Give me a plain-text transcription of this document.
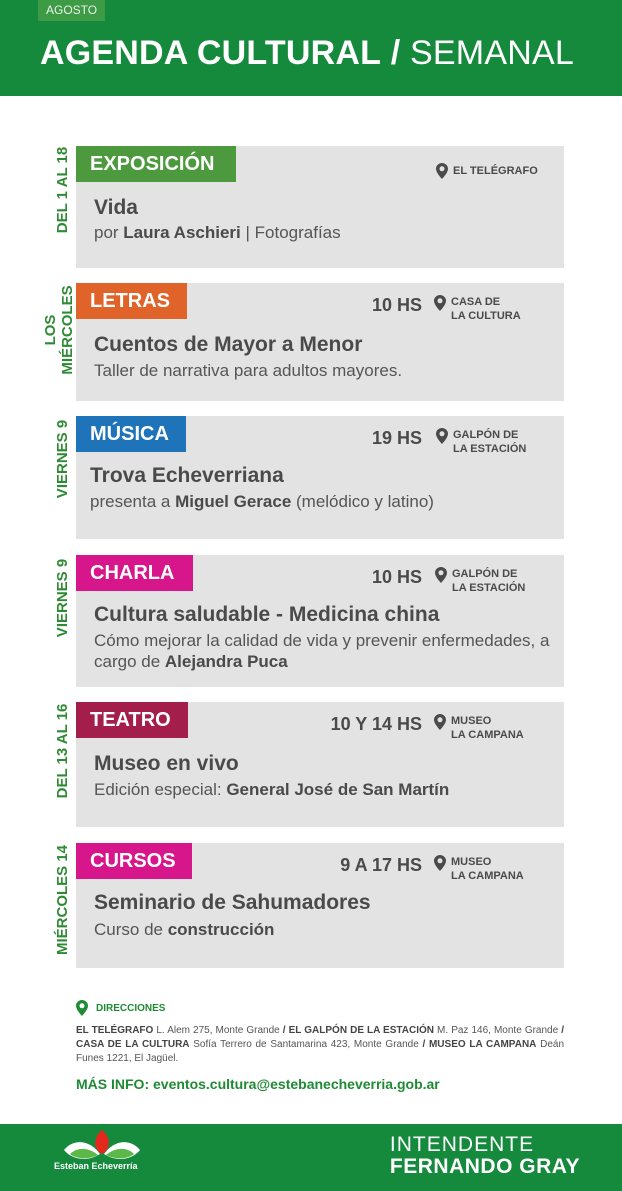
AGOSTO
AGENDA CULTURAL / SEMANAL
DEL 1 AL 18 EXPOSICIÓN	EL TELÉGRAFO
Vida
por Laura Aschieri | Fotografías
LOS MIÉRCOLES LETRAS	10 HS	CASA DE
LA CULTURA
Cuentos de Mayor a Menor
Taller de narrativa para adultos mayores.
VIERNES 9 MÚSICA	19 HS	GALPÓN DE
LA ESTACIÓN
Trova Echeverriana
presenta a Miguel Gerace (melódico y latino)
VIERNES 9 CHARLA	10 HS	GALPÓN DE
LA ESTACIÓN
Cultura saludable - Medicina china
Cómo mejorar la calidad de vida y prevenir enfermedades, a cargo de Alejandra Puca
DEL 13 AL 16 TEATRO	10 Y 14 HS	MUSEO
LA CAMPANA
Museo en vivo
Edición especial: General José de San Martín
MIÉRCOLES 14 CURSOS	9 A 17 HS	MUSEO
LA CAMPANA
Seminario de Sahumadores
Curso de construcción
DIRECCIONES
EL TELÉGRAFO L. Alem 275, Monte Grande / EL GALPÓN DE LA ESTACIÓN M. Paz 146, Monte Grande / CASA DE LA CULTURA Sofía Terrero de Santamarina 423, Monte Grande / MUSEO LA CAMPANA Deán Funes 1221, El Jagüel.
MÁS INFO: eventos.cultura@estebanecheverria.gob.ar
Esteban Echeverría
INTENDENTE
FERNANDO GRAY
